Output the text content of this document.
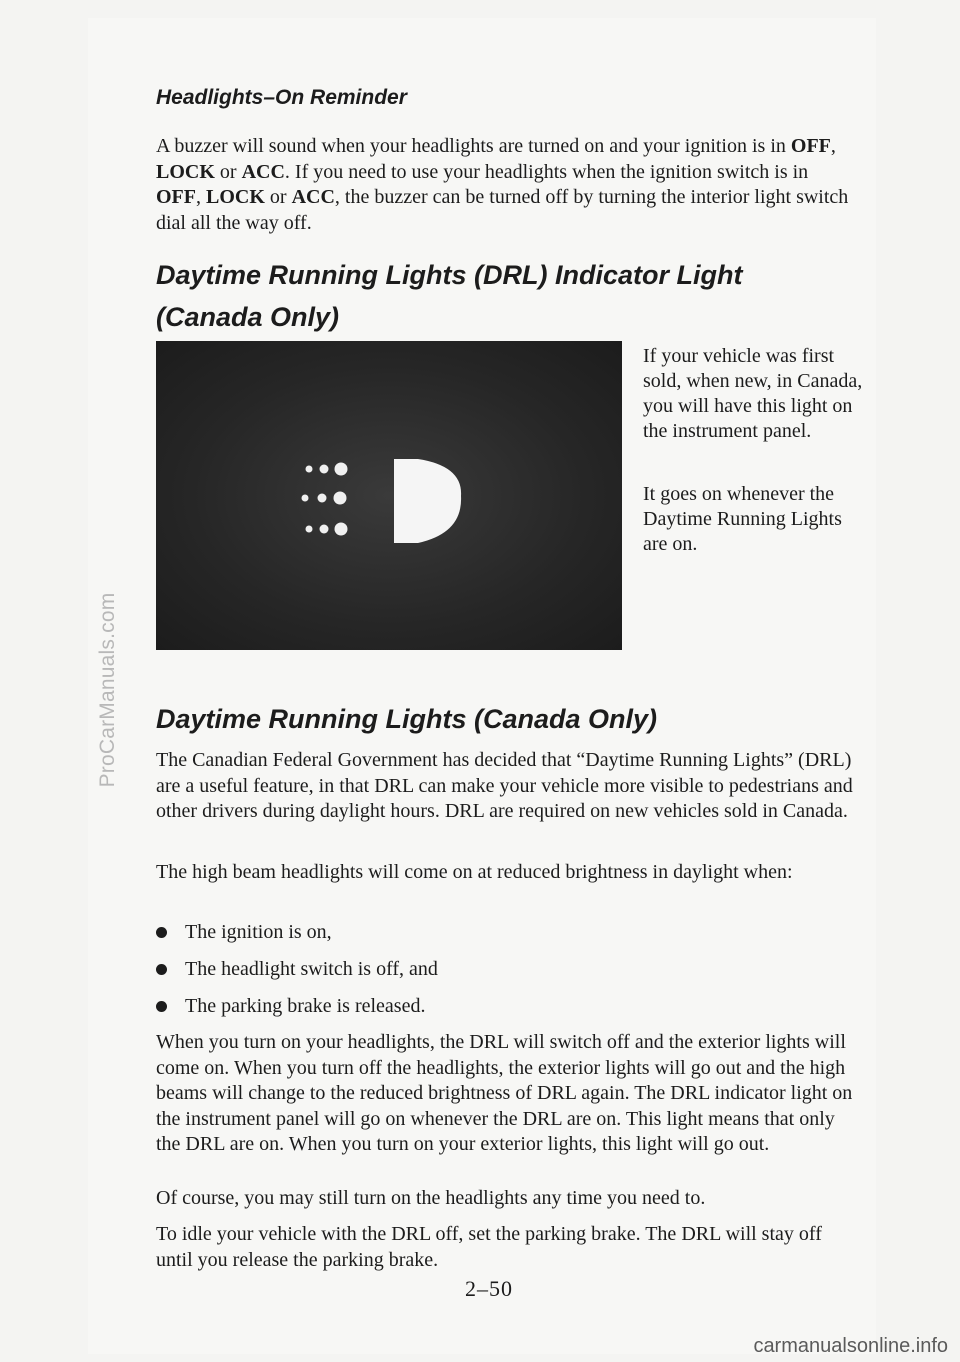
ProCarManuals.com
Headlights–On Reminder

A buzzer will sound when your headlights are turned on and your ignition is in OFF, LOCK or ACC. If you need to use your headlights when the ignition switch is in OFF, LOCK or ACC, the buzzer can be turned off by turning the interior light switch dial all the way off.

Daytime Running Lights (DRL) Indicator Light
(Canada Only)

If your vehicle was first sold, when new, in Canada, you will have this light on the instrument panel.

It goes on whenever the Daytime Running Lights are on.

Daytime Running Lights (Canada Only)

The Canadian Federal Government has decided that “Daytime Running Lights” (DRL) are a useful feature, in that DRL can make your vehicle more visible to pedestrians and other drivers during daylight hours. DRL are required on new vehicles sold in Canada.

The high beam headlights will come on at reduced brightness in daylight when:

The ignition is on,
The headlight switch is off, and
The parking brake is released.

When you turn on your headlights, the DRL will switch off and the exterior lights will come on. When you turn off the headlights, the exterior lights will go out and the high beams will change to the reduced brightness of DRL again. The DRL indicator light on the instrument panel will go on whenever the DRL are on. This light means that only the DRL are on. When you turn on your exterior lights, this light will go out.

Of course, you may still turn on the headlights any time you need to.

To idle your vehicle with the DRL off, set the parking brake. The DRL will stay off until you release the parking brake.

2–50

carmanualsonline.info
